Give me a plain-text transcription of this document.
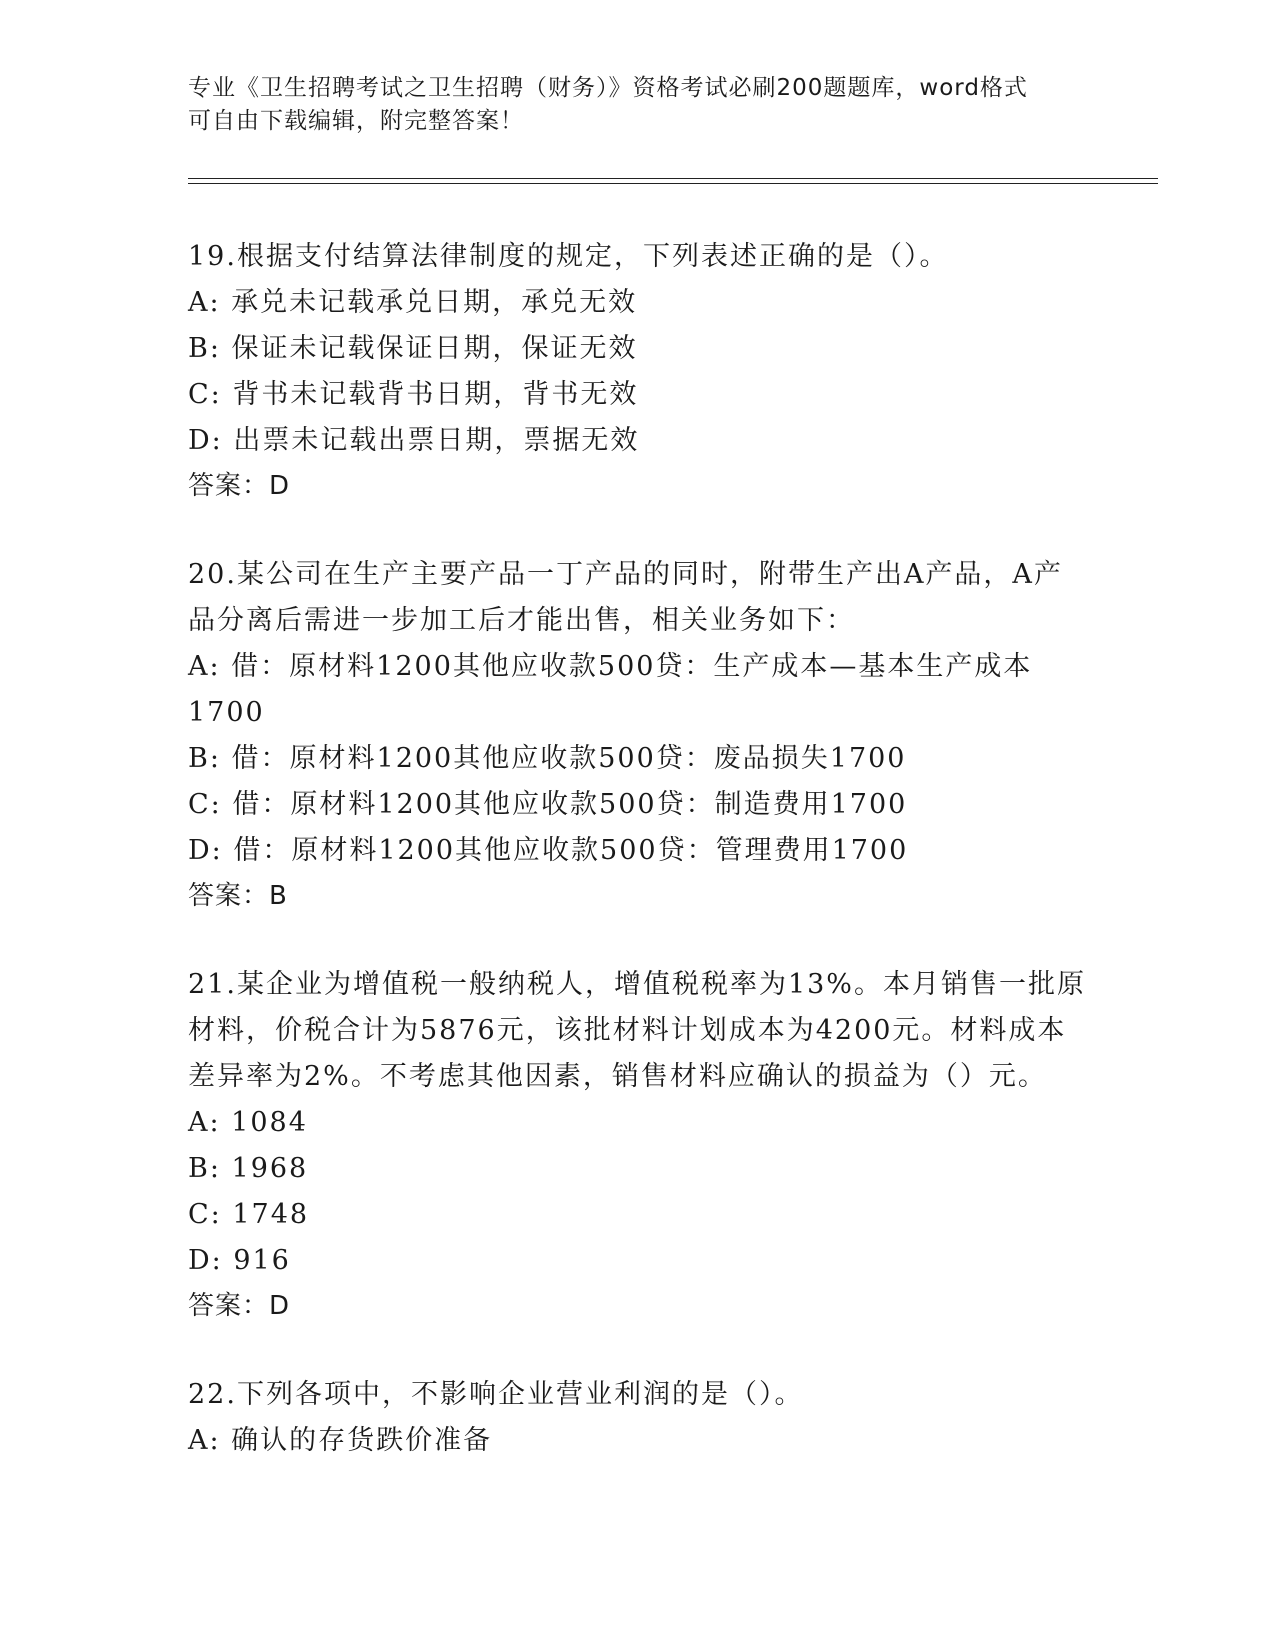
专业《卫生招聘考试之卫生招聘（财务）》资格考试必刷200题题库，word格式
可自由下载编辑，附完整答案！
19.根据支付结算法律制度的规定，下列表述正确的是（）。
A: 承兑未记载承兑日期，承兑无效
B: 保证未记载保证日期，保证无效
C: 背书未记载背书日期，背书无效
D: 出票未记载出票日期，票据无效
答案：D
20.某公司在生产主要产品一丁产品的同时，附带生产出A产品，A产
品分离后需进一步加工后才能出售，相关业务如下：
A: 借：原材料1200其他应收款500贷：生产成本—基本生产成本
1700
B: 借：原材料1200其他应收款500贷：废品损失1700
C: 借：原材料1200其他应收款500贷：制造费用1700
D: 借：原材料1200其他应收款500贷：管理费用1700
答案：B
21.某企业为增值税一般纳税人，增值税税率为13%。本月销售一批原
材料，价税合计为5876元，该批材料计划成本为4200元。材料成本
差异率为2%。不考虑其他因素，销售材料应确认的损益为（）元。
A: 1084
B: 1968
C: 1748
D: 916
答案：D
22.下列各项中，不影响企业营业利润的是（）。
A: 确认的存货跌价准备
